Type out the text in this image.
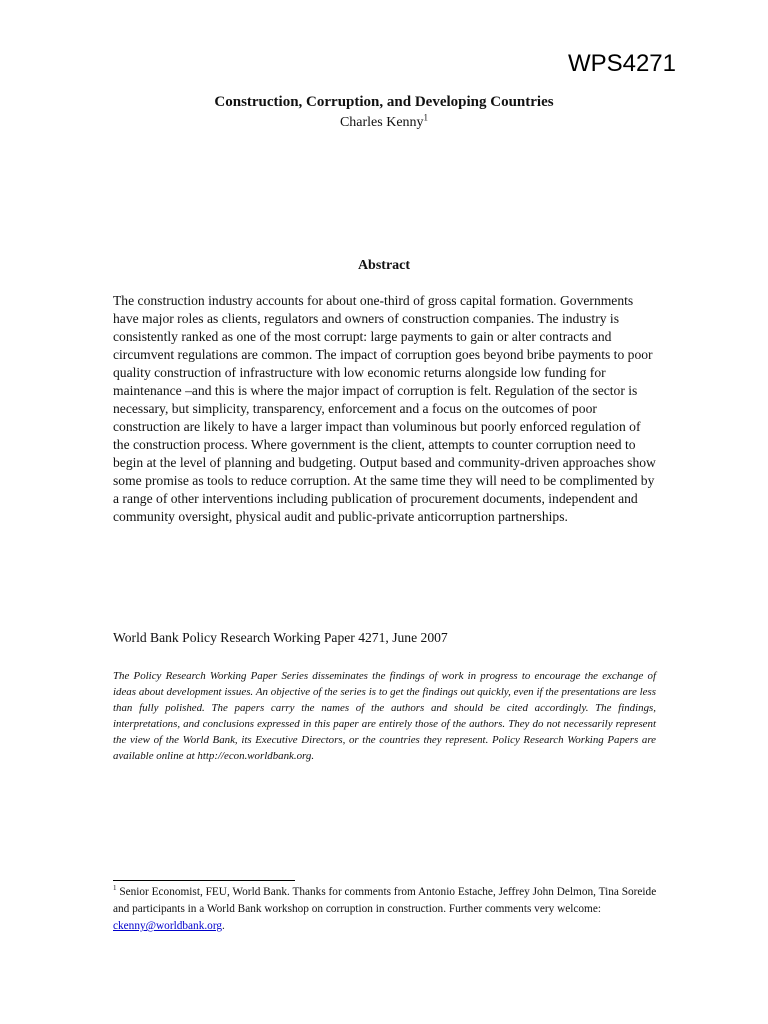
WPS4271
Construction, Corruption, and Developing Countries
Charles Kenny$^1$
Abstract

The construction industry accounts for about one-third of gross capital formation. Governments have major roles as clients, regulators and owners of construction companies. The industry is consistently ranked as one of the most corrupt: large payments to gain or alter contracts and circumvent regulations are common. The impact of corruption goes beyond bribe payments to poor quality construction of infrastructure with low economic returns alongside low funding for maintenance –and this is where the major impact of corruption is felt. Regulation of the sector is necessary, but simplicity, transparency, enforcement and a focus on the outcomes of poor construction are likely to have a larger impact than voluminous but poorly enforced regulation of the construction process. Where government is the client, attempts to counter corruption need to begin at the level of planning and budgeting. Output based and community-driven approaches show some promise as tools to reduce corruption. At the same time they will need to be complimented by a range of other interventions including publication of procurement documents, independent and community oversight, physical audit and public-private anticorruption partnerships.

World Bank Policy Research Working Paper 4271, June 2007

The Policy Research Working Paper Series disseminates the findings of work in progress to encourage the exchange of ideas about development issues. An objective of the series is to get the findings out quickly, even if the presentations are less than fully polished. The papers carry the names of the authors and should be cited accordingly. The findings, interpretations, and conclusions expressed in this paper are entirely those of the authors. They do not necessarily represent the view of the World Bank, its Executive Directors, or the countries they represent. Policy Research Working Papers are available online at http://econ.worldbank.org.

$^1$ Senior Economist, FEU, World Bank. Thanks for comments from Antonio Estache, Jeffrey John Delmon, Tina Soreide and participants in a World Bank workshop on corruption in construction. Further comments very welcome: ckenny@worldbank.org.
